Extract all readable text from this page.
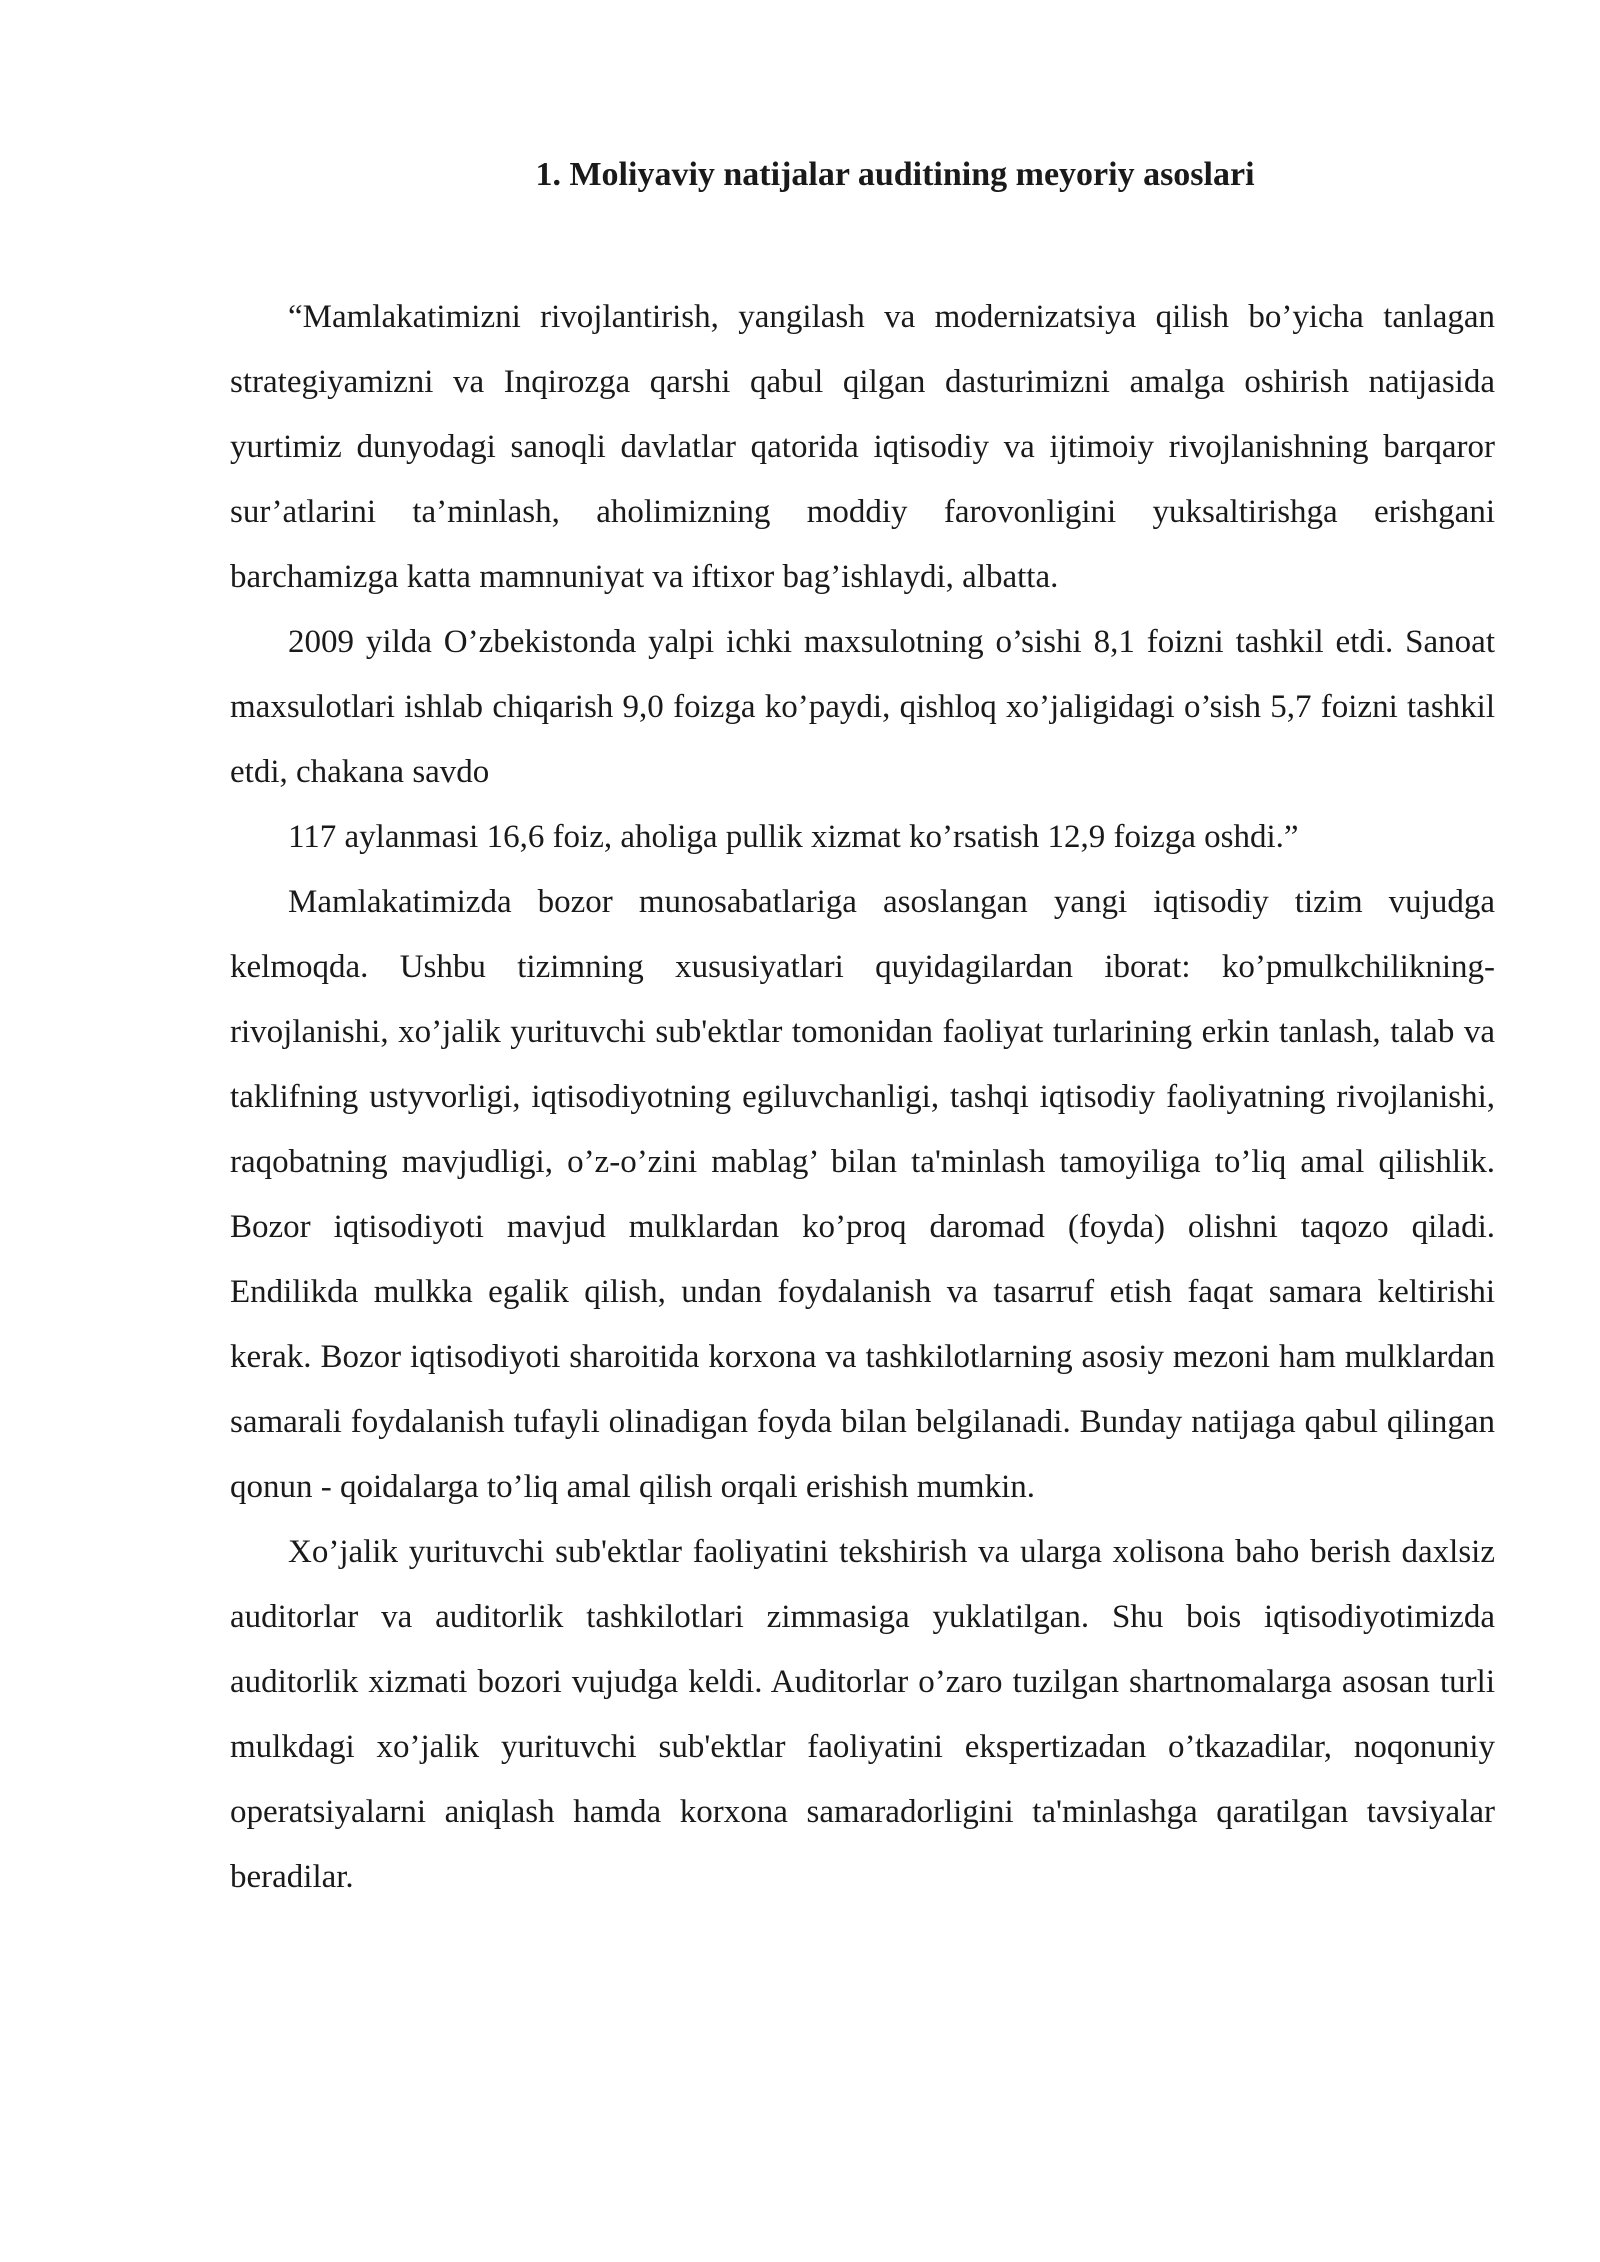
1. Moliyaviy natijalar auditining meyoriy asoslari

“Mamlakatimizni rivojlantirish, yangilash va modernizatsiya qilish bo’yicha tanlagan strategiyamizni va Inqirozga qarshi qabul qilgan dasturimizni amalga oshirish natijasida yurtimiz dunyodagi sanoqli davlatlar qatorida iqtisodiy va ijtimoiy rivojlanishning barqaror sur’atlarini ta’minlash, aholimizning moddiy farovonligini yuksaltirishga erishgani barchamizga katta mamnuniyat va iftixor bag’ishlaydi, albatta.

2009 yilda O’zbekistonda yalpi ichki maxsulotning o’sishi 8,1 foizni tashkil etdi. Sanoat maxsulotlari ishlab chiqarish 9,0 foizga ko’paydi, qishloq xo’jaligidagi o’sish 5,7 foizni tashkil etdi, chakana savdo

117 aylanmasi 16,6 foiz, aholiga pullik xizmat ko’rsatish 12,9 foizga oshdi.”

Mamlakatimizda bozor munosabatlariga asoslangan yangi iqtisodiy tizim vujudga kelmoqda. Ushbu tizimning xususiyatlari quyidagilardan iborat: ko’pmulkchilikning-rivojlanishi, xo’jalik yurituvchi sub'ektlar tomonidan faoliyat turlarining erkin tanlash, talab va taklifning ustyvorligi, iqtisodiyotning egiluvchanligi, tashqi iqtisodiy faoliyatning rivojlanishi, raqobatning mavjudligi, o’z-o’zini mablag’ bilan ta'minlash tamoyiliga to’liq amal qilishlik. Bozor iqtisodiyoti mavjud mulklardan ko’proq daromad (foyda) olishni taqozo qiladi. Endilikda mulkka egalik qilish, undan foydalanish va tasarruf etish faqat samara keltirishi kerak. Bozor iqtisodiyoti sharoitida korxona va tashkilotlarning asosiy mezoni ham mulklardan samarali foydalanish tufayli olinadigan foyda bilan belgilanadi. Bunday natijaga qabul qilingan qonun - qoidalarga to’liq amal qilish orqali erishish mumkin.

Xo’jalik yurituvchi sub'ektlar faoliyatini tekshirish va ularga xolisona baho berish daxlsiz auditorlar va auditorlik tashkilotlari zimmasiga yuklatilgan. Shu bois iqtisodiyotimizda auditorlik xizmati bozori vujudga keldi. Auditorlar o’zaro tuzilgan shartnomalarga asosan turli mulkdagi xo’jalik yurituvchi sub'ektlar faoliyatini ekspertizadan o’tkazadilar, noqonuniy operatsiyalarni aniqlash hamda korxona samaradorligini ta'minlashga qaratilgan tavsiyalar beradilar.
